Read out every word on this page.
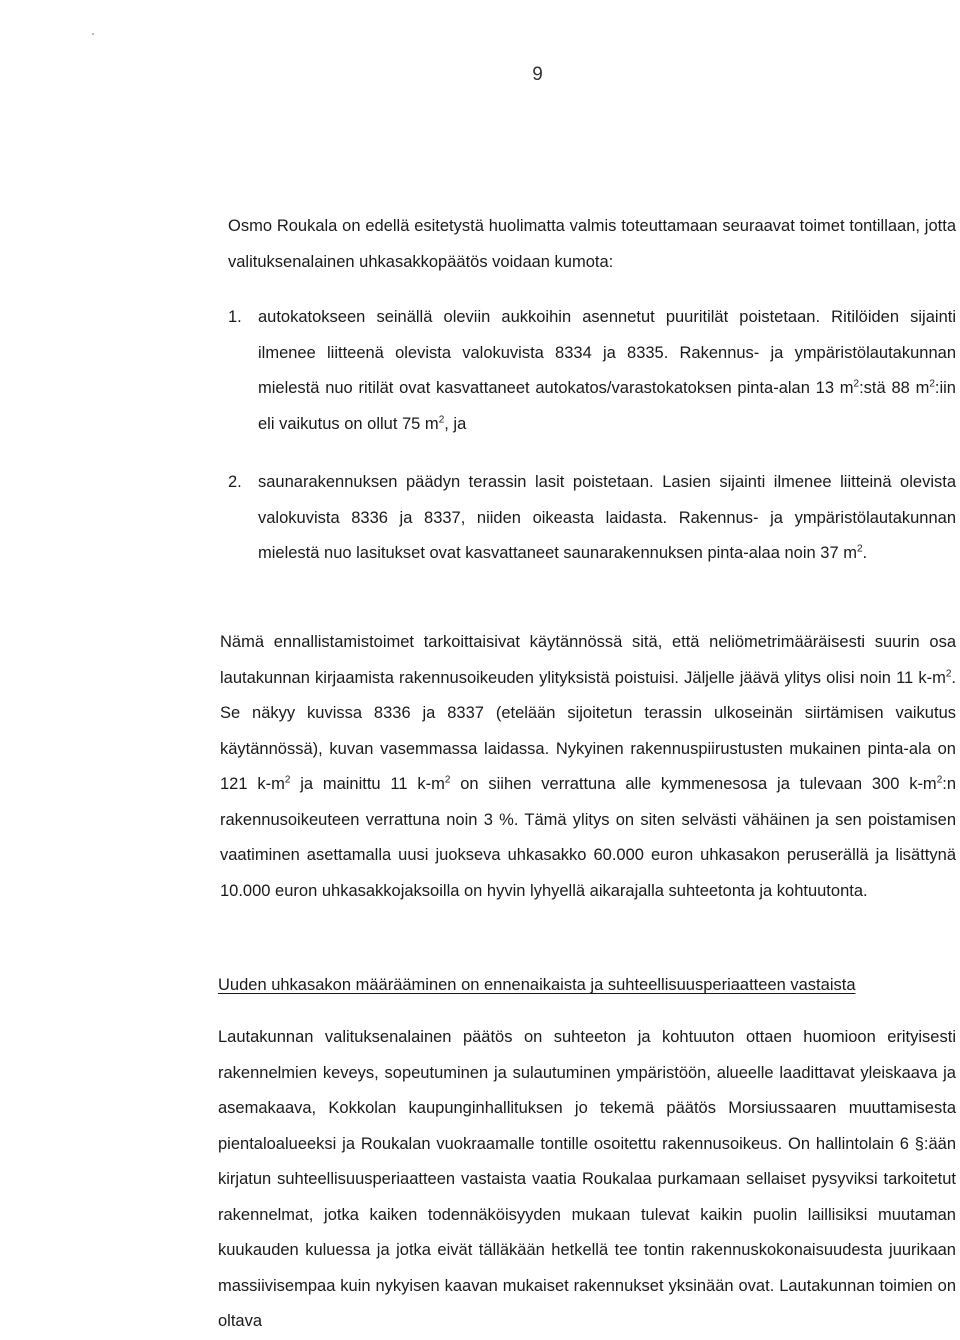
9

Osmo Roukala on edellä esitetystä huolimatta valmis toteuttamaan seuraavat toimet tontillaan, jotta valituksenalainen uhkasakkopäätös voidaan kumota:

1. autokatokseen seinällä oleviin aukkoihin asennetut puuritilät poistetaan. Ritilöiden sijainti ilmenee liitteenä olevista valokuvista 8334 ja 8335. Rakennus- ja ympäristölautakunnan mielestä nuo ritilät ovat kasvattaneet autokatos/varastokatoksen pinta-alan 13 $m^2:stä$ 88 $m^2:iin$ eli vaikutus on ollut 75 $m^2$, ja
2. saunarakennuksen päädyn terassin lasit poistetaan. Lasien sijainti ilmenee liitteinä olevista valokuvista 8336 ja 8337, niiden oikeasta laidasta. Rakennus- ja ympäristölautakunnan mielestä nuo lasitukset ovat kasvattaneet saunarakennuksen pinta-alaa noin 37 $m^2$.

Nämä ennallistamistoimet tarkoittaisivat käytännössä sitä, että neliömetrimääräisesti suurin osa lautakunnan kirjaamista rakennusoikeuden ylityksistä poistuisi. Jäljelle jäävä ylitys olisi noin 11 $k-m^2$. Se näkyy kuvissa 8336 ja 8337 (etelään sijoitetun terassin ulkoseinän siirtämisen vaikutus käytännössä), kuvan vasemmassa laidassa. Nykyinen rakennuspiirustusten mukainen pinta-ala on 121 $k-m^2$ ja mainittu 11 $k-m^2$ on siihen verrattuna alle kymmenesosa ja tulevaan 300 $k-m^2:n$ rakennusoikeuteen verrattuna noin 3 %. Tämä ylitys on siten selvästi vähäinen ja sen poistamisen vaatiminen asettamalla uusi juokseva uhkasakko 60.000 euron uhkasakon peruserällä ja lisättynä 10.000 euron uhkasakkojaksoilla on hyvin lyhyellä aikarajalla suhteetonta ja kohtuutonta.

Uuden uhkasakon määrääminen on ennenaikaista ja suhteellisuusperiaatteen vastaista

Lautakunnan valituksenalainen päätös on suhteeton ja kohtuuton ottaen huomioon erityisesti rakennelmien keveys, sopeutuminen ja sulautuminen ympäristöön, alueelle laadittavat yleiskaava ja asemakaava, Kokkolan kaupunginhallituksen jo tekemä päätös Morsiussaaren muuttamisesta pientaloalueeksi ja Roukalan vuokraamalle tontille osoitettu rakennusoikeus. On hallintolain 6 §:ään kirjatun suhteellisuusperiaatteen vastaista vaatia Roukalaa purkamaan sellaiset pysyviksi tarkoitetut rakennelmat, jotka kaiken todennäköisyyden mukaan tulevat kaikin puolin laillisiksi muutaman kuukauden kuluessa ja jotka eivät tälläkään hetkellä tee tontin rakennuskokonaisuudesta juurikaan massiivisempaa kuin nykyisen kaavan mukaiset rakennukset yksinään ovat. Lautakunnan toimien on oltava
